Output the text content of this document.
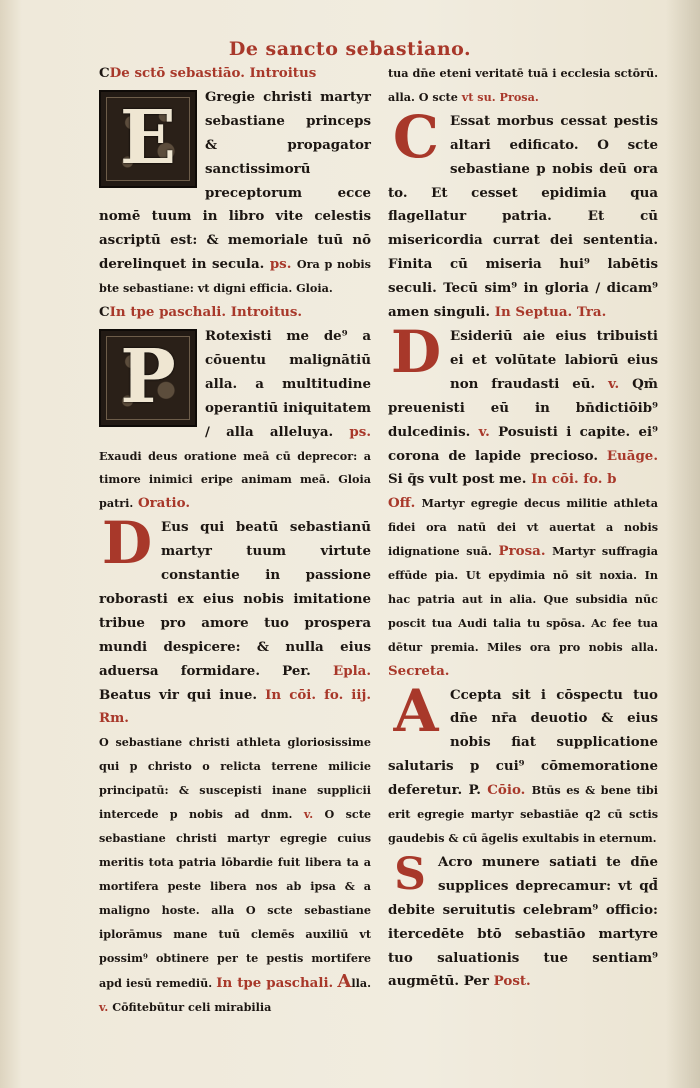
De sancto sebastiano.

CDe sctō sebastiāo. Introitus

E	Gregie christi martyr sebastiane princeps & propagator sanctissimorū preceptorum ecce nomē tuum in libro vite celestis ascriptū est: & memoriale tuū nō derelinquet in secula. ps. Ora p nobis bte sebastiane: vt digni efficia. Gloia.

CIn tpe paschali. Introitus.

P	Rotexisti me de⁹ a cōuentu malignātiū alla. a multitudine operantiū iniquitatem / alla alleluya. ps. Exaudi deus oratione meā cū deprecor: a timore inimici eripe animam meā. Gloia patri. Oratio.

D Eus qui beatū sebastianū martyr tuum virtute constantie in passione roborasti ex eius nobis imitatione tribue pro amore tuo prospera mundi despicere: & nulla eius aduersa formidare. Per. Epla. Beatus vir qui inue. In cōi. fo. iij. Rm.

O sebastiane christi athleta gloriosissime qui p christo o relicta terrene milicie principatū: & suscepisti inane supplicii intercede p nobis ad dnm. v. O scte sebastiane christi martyr egregie cuius meritis tota patria lōbardie fuit libera ta a mortifera peste libera nos ab ipsa & a maligno hoste. alla O scte sebastiane iplorāmus mane tuū clemēs auxiliū vt possim⁹ obtinere per te pestis mortifere apd iesū remediū. In tpe paschali. Alla. v. Cōfitebūtur celi mirabilia

tua dn̄e eteni veritatē tuā i ecclesia sctōrū. alla. O scte vt su. Prosa.

C Essat morbus cessat pestis altari edificato. O scte sebastiane p nobis deū ora to. Et cesset epidimia qua flagellatur patria. Et cū misericordia currat dei sententia. Finita cū miseria hui⁹ labētis seculi. Tecū sim⁹ in gloria / dicam⁹ amen singuli. In Septua. Tra.

D Esideriū aie eius tribuisti ei et volūtate labiorū eius non fraudasti eū. v. Qm̄ preuenisti eū in bn̄dictiōib⁹ dulcedinis. v. Posuisti i capite. ei⁹ corona de lapide precioso. Euāge. Si q̄s vult post me. In cōi. fo. b

Off. Martyr egregie decus militie athleta fidei ora natū dei vt auertat a nobis idignatione suā. Prosa. Martyr suffragia effūde pia. Ut epydimia nō sit noxia. In hac patria aut in alia. Que subsidia nūc poscit tua Audi talia tu spōsa. Ac fee tua dētur premia. Miles ora pro nobis alla. Secreta.

A Ccepta sit i cōspectu tuo dn̄e nr̄a deuotio & eius nobis fiat supplicatione salutaris p cui⁹ cōmemoratione deferetur. P. Cōio. Btūs es & bene tibi erit egregie martyr sebastiāe q2 cū sctis gaudebis & cū āgelis exultabis in eternum.

S Acro munere satiati te dn̄e supplices deprecamur: vt qd̄ debite seruitutis celebram⁹ officio: itercedēte btō sebastiāo martyre tuo saluationis tue sentiam⁹ augmētū. Per Post.
